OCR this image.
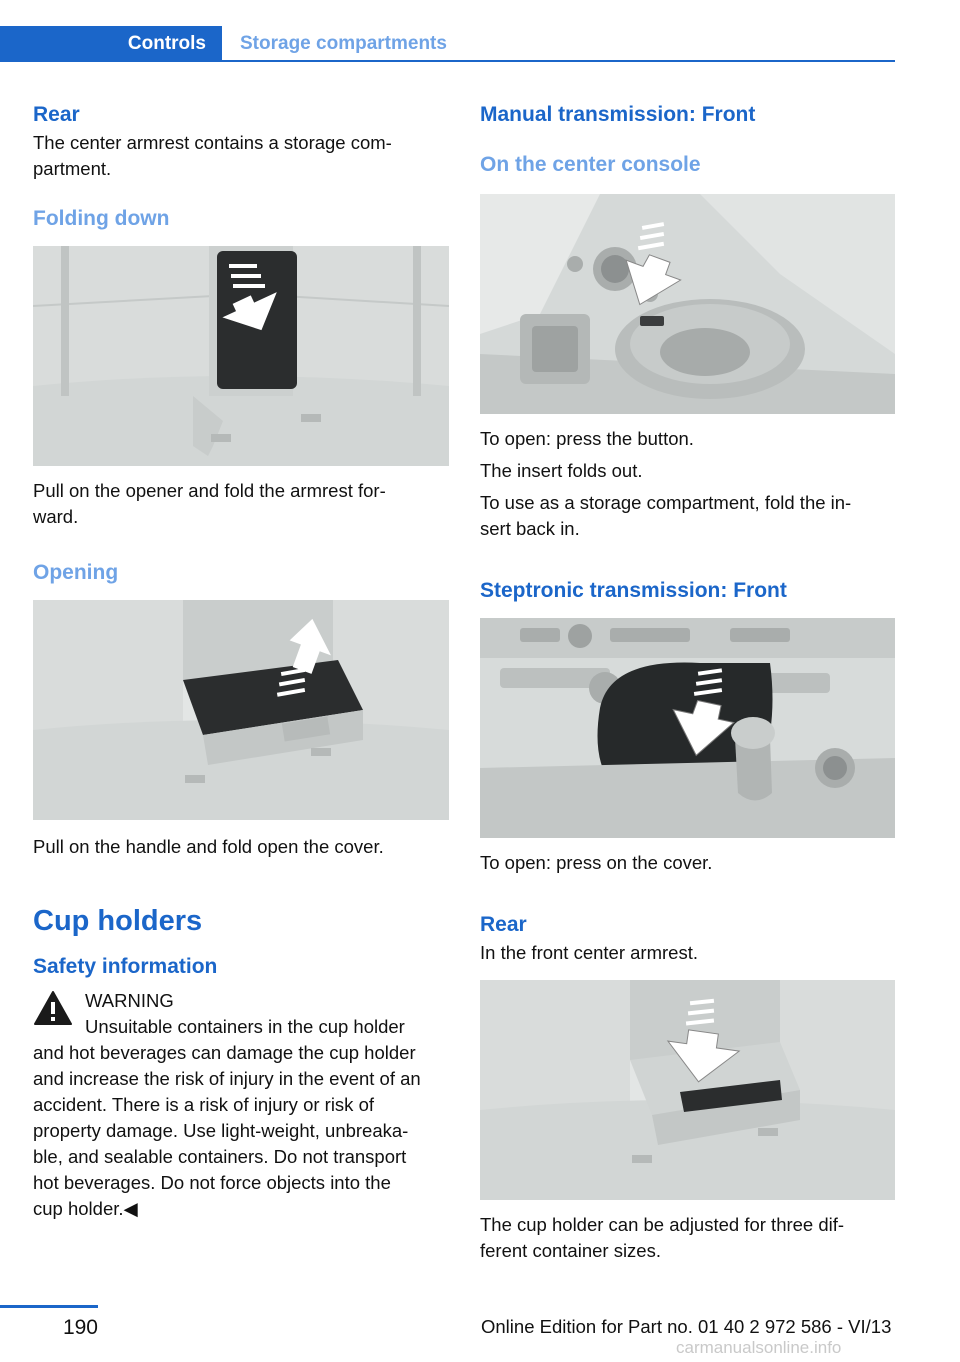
Controls	Storage compartments
Rear

The center armrest contains a storage com-

partment.

Folding down

Pull on the opener and fold the armrest for-

ward.

Opening

Pull on the handle and fold open the cover.

Cup holders
Safety information

WARNING

Unsuitable containers in the cup holder

and hot beverages can damage the cup holder

and increase the risk of injury in the event of an

accident. There is a risk of injury or risk of

property damage. Use light-weight, unbreaka-

ble, and sealable containers. Do not transport

hot beverages. Do not force objects into the

cup holder.◀

Manual transmission: Front
On the center console

To open: press the button.

The insert folds out.

To use as a storage compartment, fold the in-

sert back in.

Steptronic transmission: Front

To open: press on the cover.

Rear

In the front center armrest.

The cup holder can be adjusted for three dif-

ferent container sizes.

190	Online Edition for Part no. 01 40 2 972 586 - VI/13
carmanualsonline.info
